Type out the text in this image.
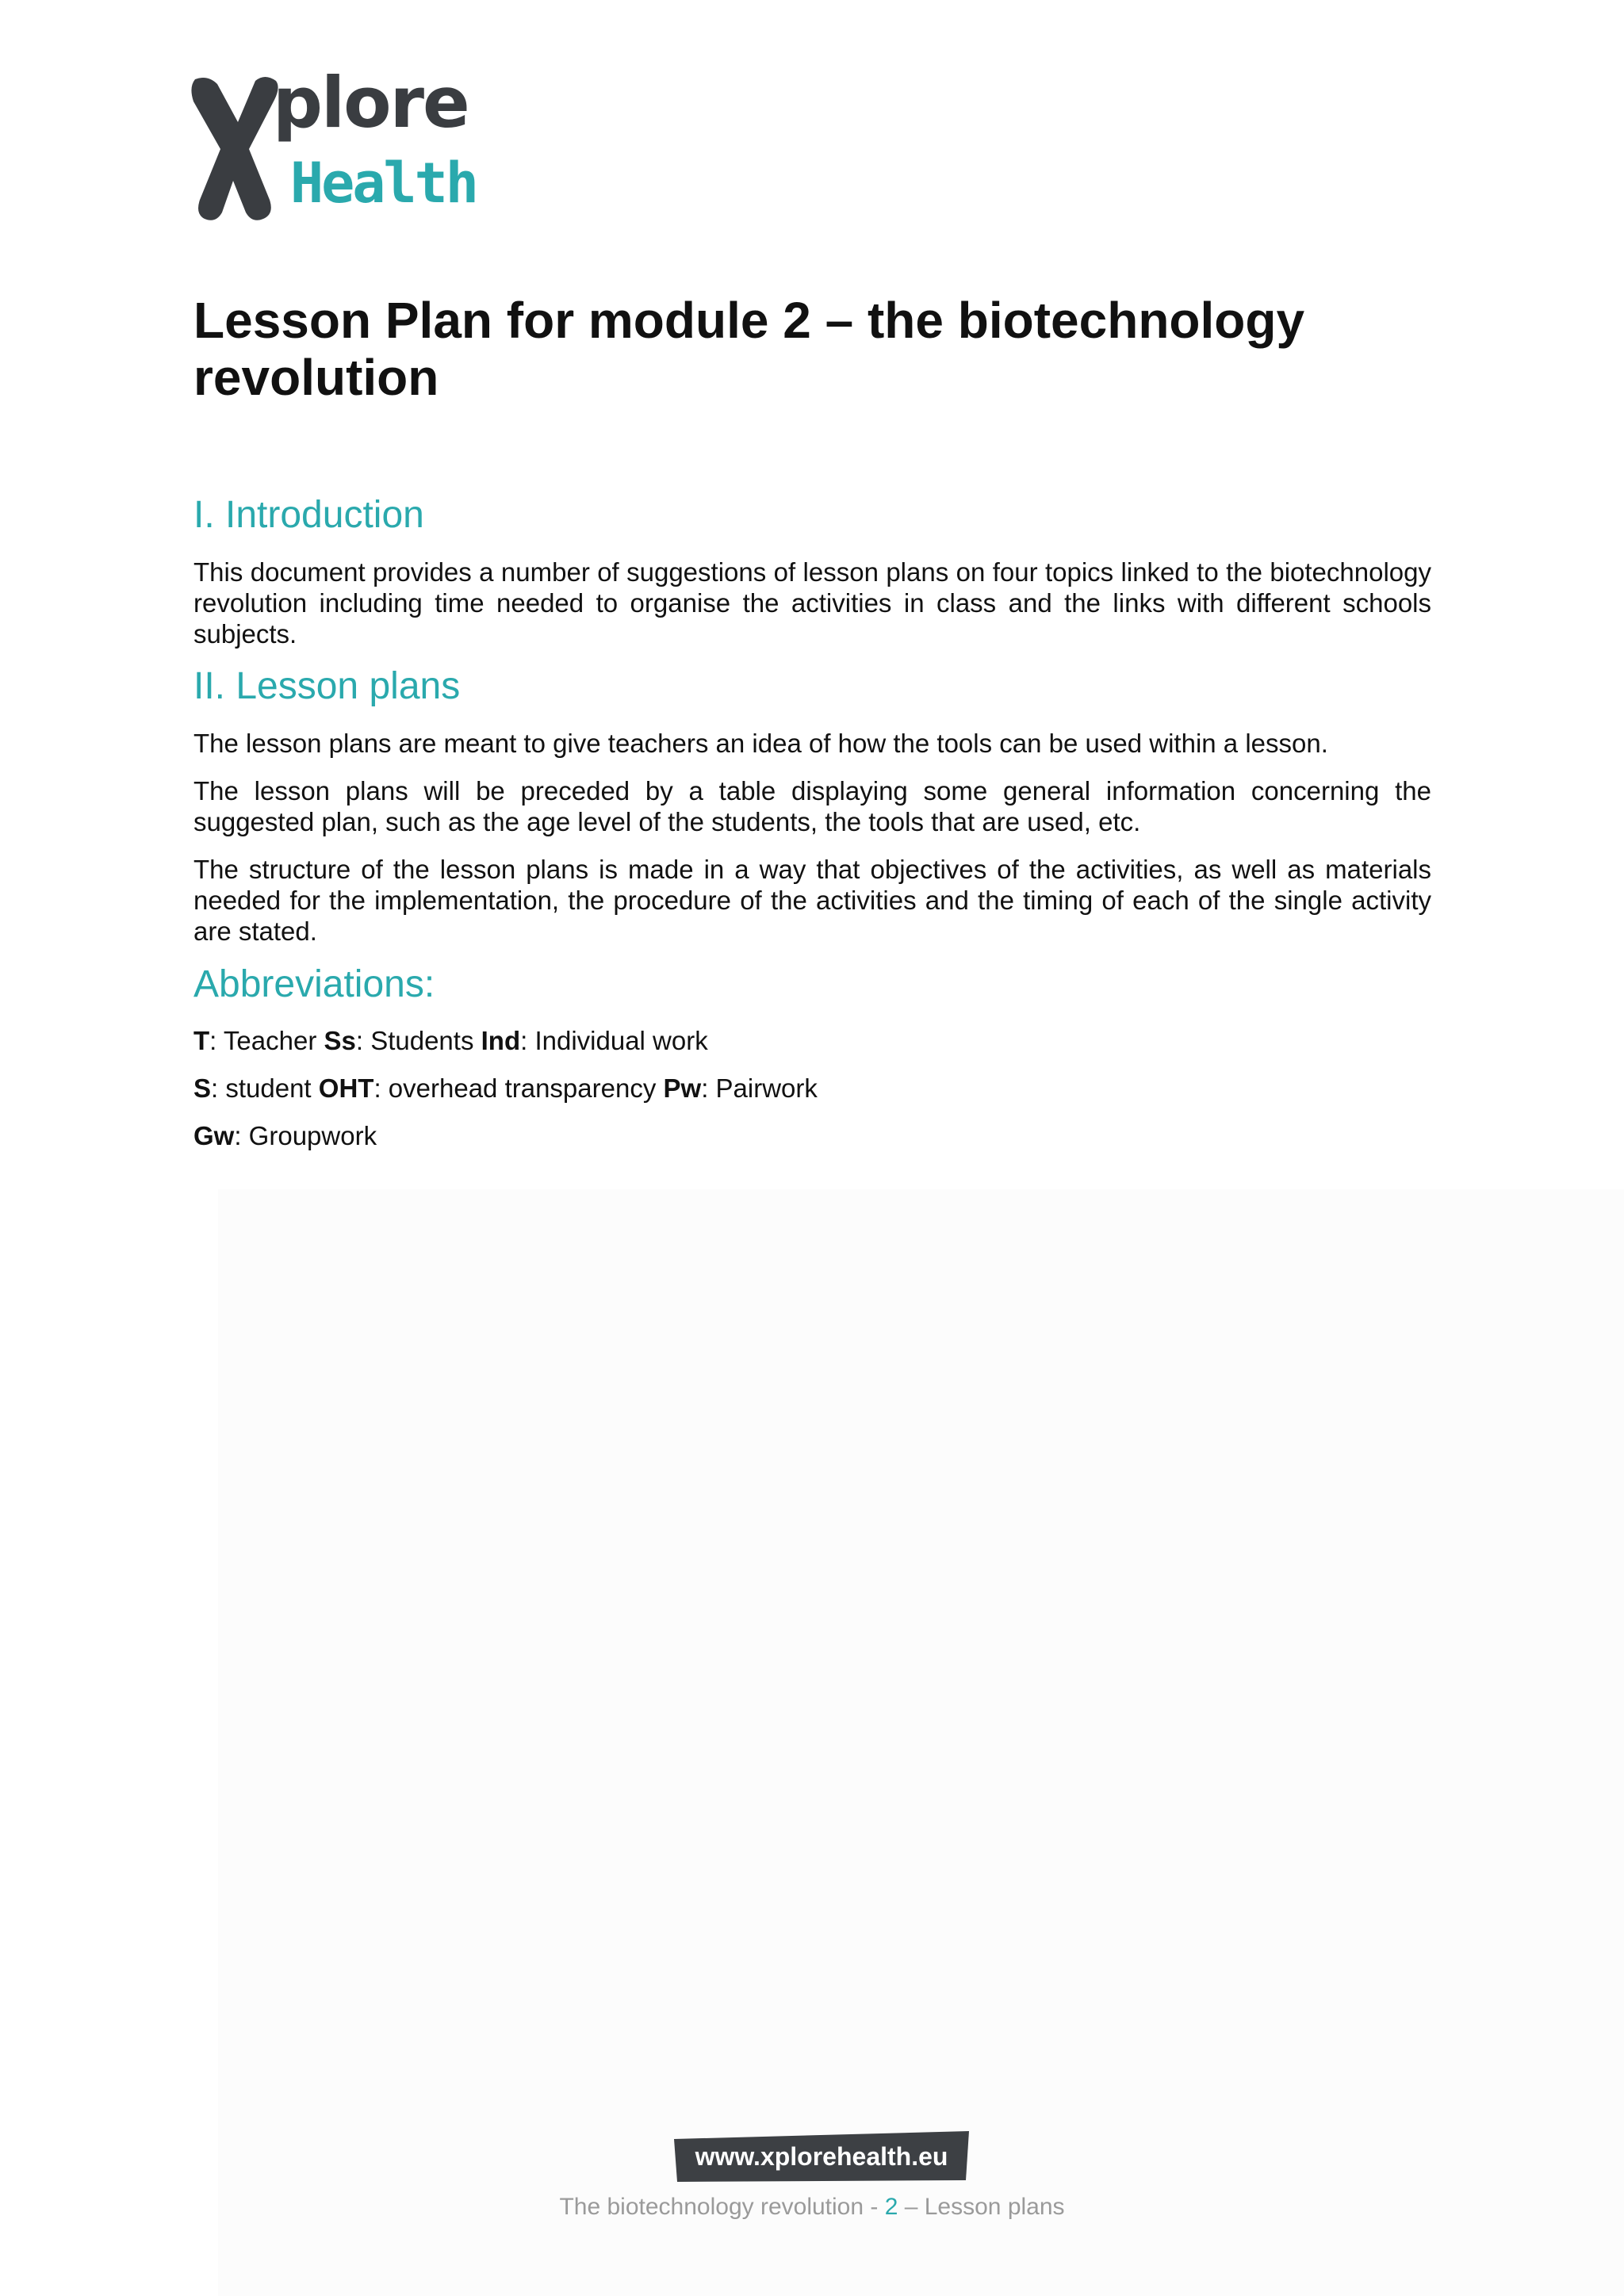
plore
Health
Lesson Plan for module 2 – the biotechnology revolution
I. Introduction

This document provides a number of suggestions of lesson plans on four topics linked to the biotechnology revolution including time needed to organise the activities in class and the links with different schools subjects.

II. Lesson plans

The lesson plans are meant to give teachers an idea of how the tools can be used within a lesson.

The lesson plans will be preceded by a table displaying some general information concerning the suggested plan, such as the age level of the students, the tools that are used, etc.

The structure of the lesson plans is made in a way that objectives of the activities, as well as materials needed for the implementation, the procedure of the activities and the timing of each of the single activity are stated.

Abbreviations:

T: Teacher Ss: Students Ind: Individual work

S: student OHT: overhead transparency Pw: Pairwork

Gw: Groupwork

www.xplorehealth.eu
The biotechnology revolution - 2 – Lesson plans
